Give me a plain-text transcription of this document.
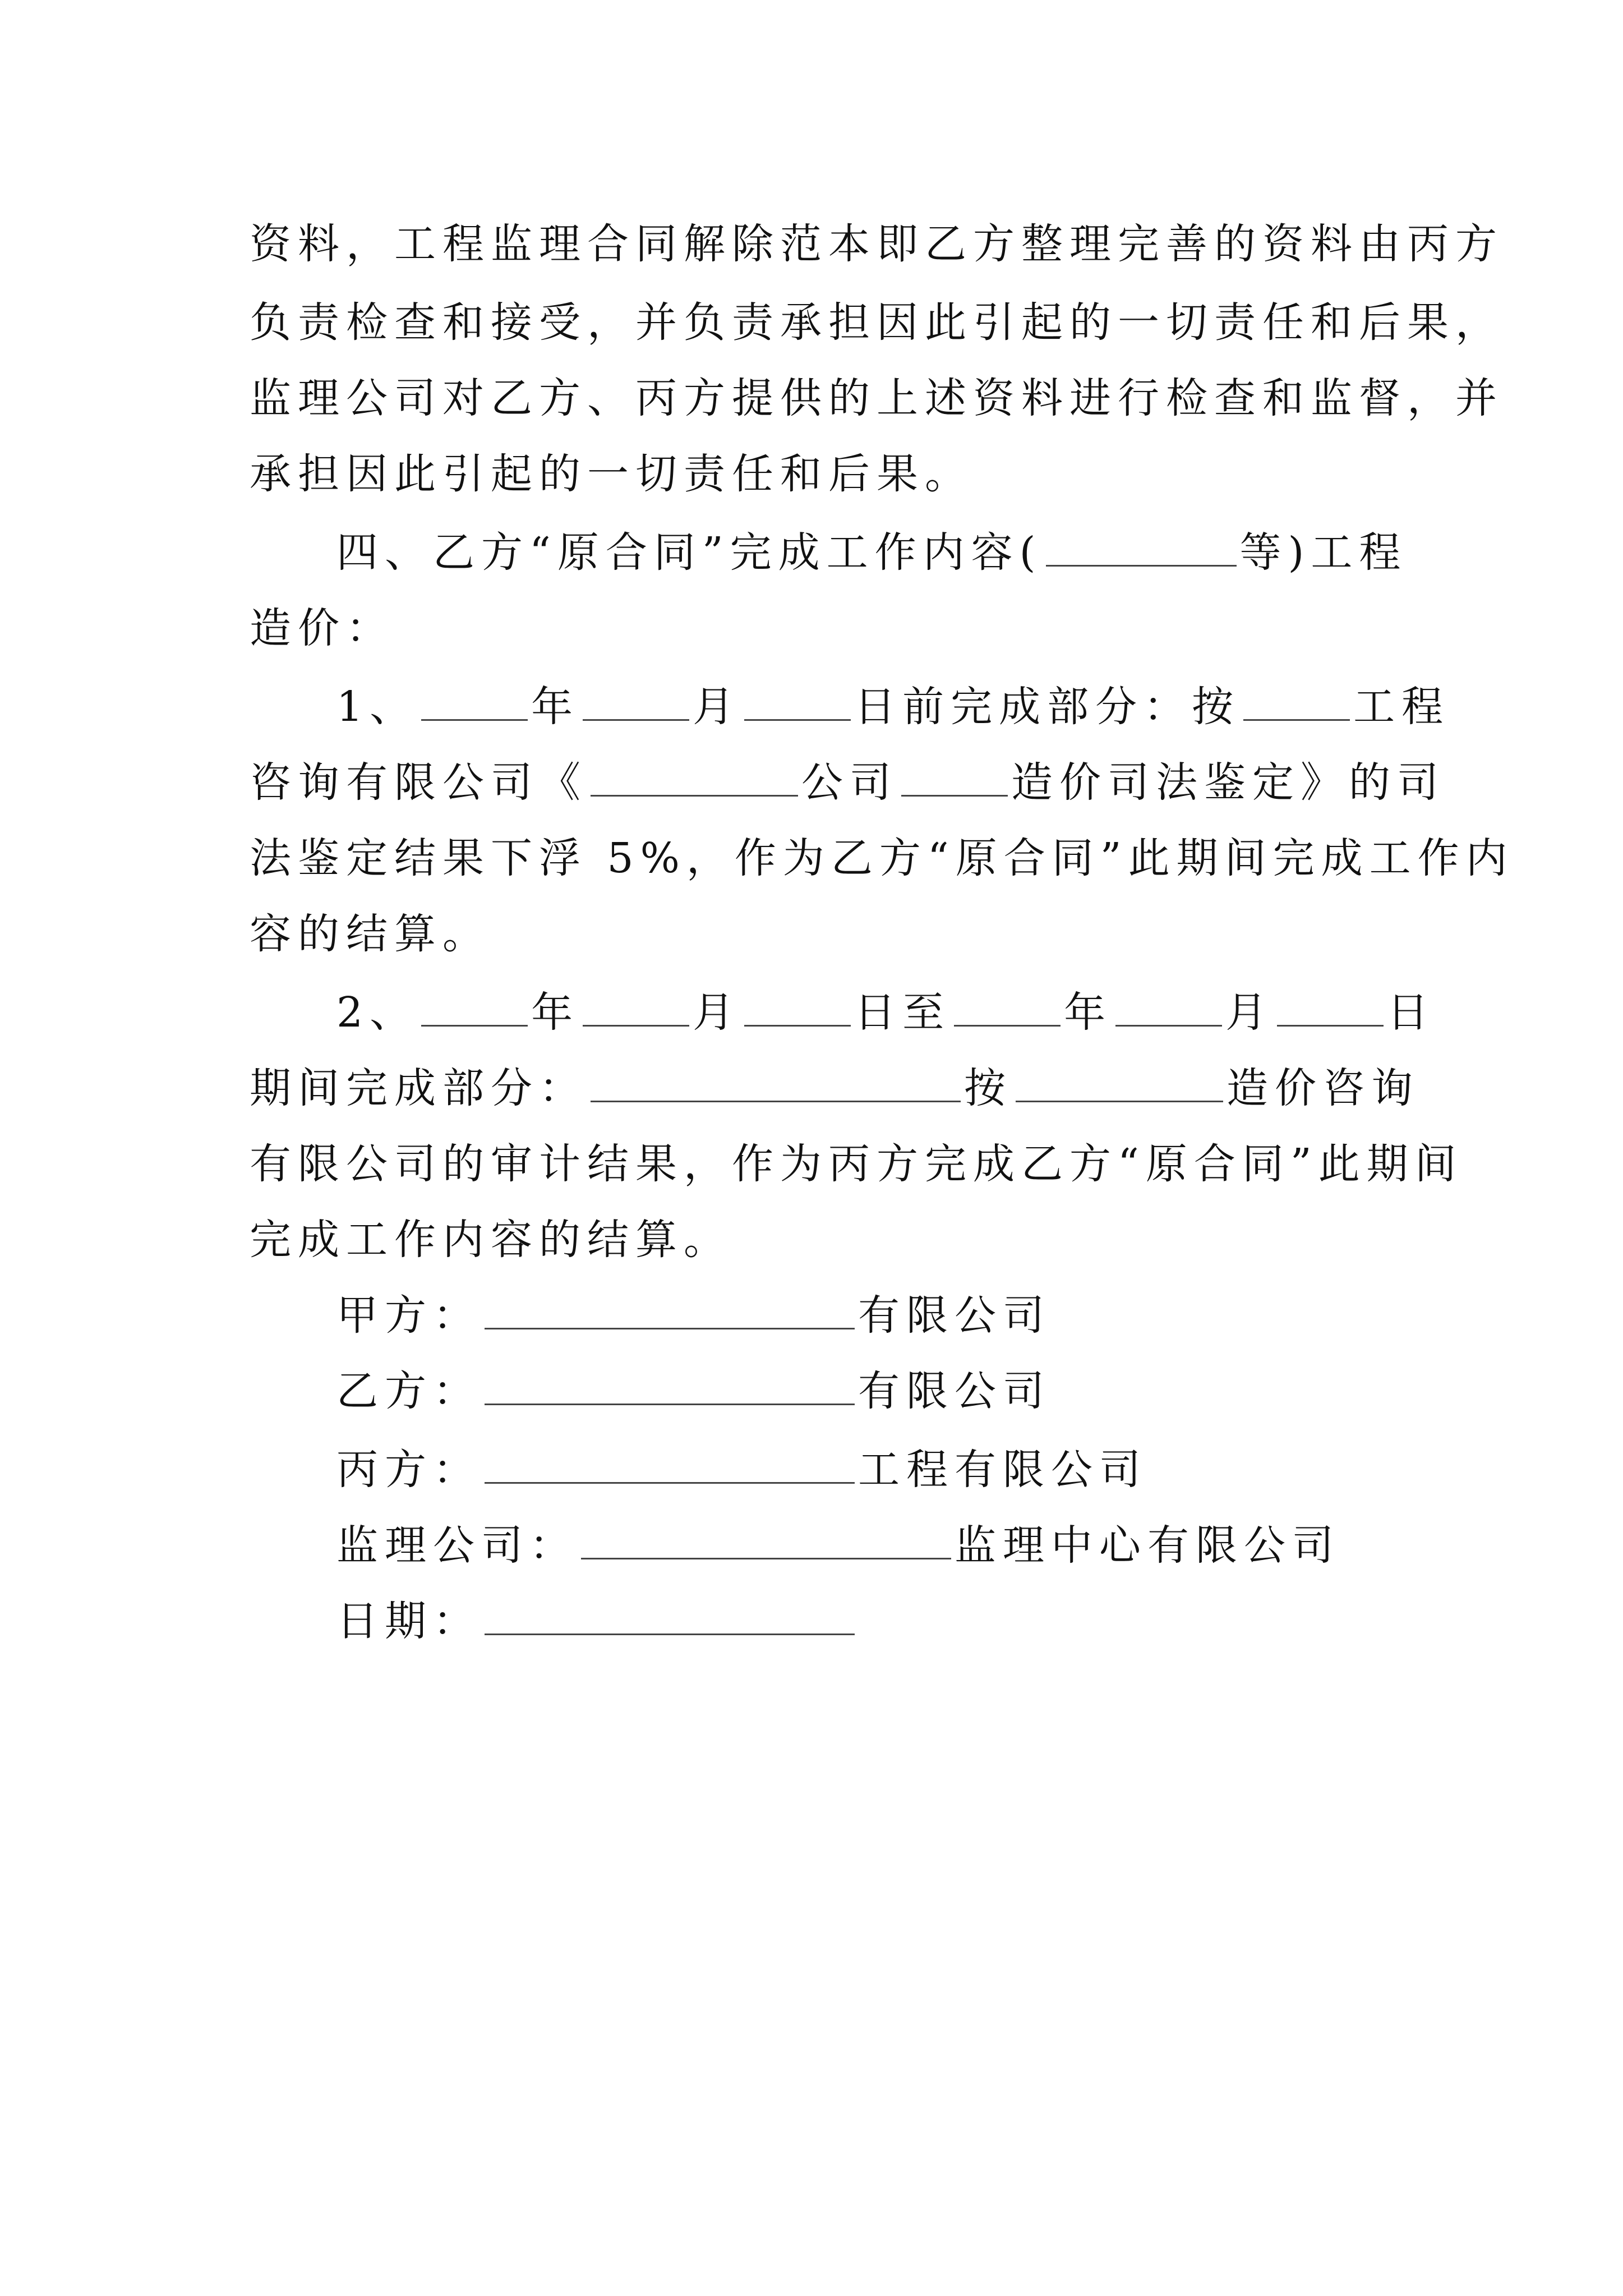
资料，工程监理合同解除范本即乙方整理完善的资料由丙方
负责检查和接受，并负责承担因此引起的一切责任和后果，
监理公司对乙方、丙方提供的上述资料进行检查和监督，并
承担因此引起的一切责任和后果。
四、乙方“原合同”完成工作内容(	等)工程
造价：
1、	年	月	日前完成部分：按	工程
咨询有限公司《	公司	造价司法鉴定》的司
法鉴定结果下浮 5%，作为乙方“原合同”此期间完成工作内
容的结算。
2、	年	月	日至	年	月	日
期间完成部分：	按	造价咨询
有限公司的审计结果，作为丙方完成乙方“原合同”此期间
完成工作内容的结算。
甲方：	有限公司
乙方：	有限公司
丙方：	工程有限公司
监理公司：	监理中心有限公司
日期：
